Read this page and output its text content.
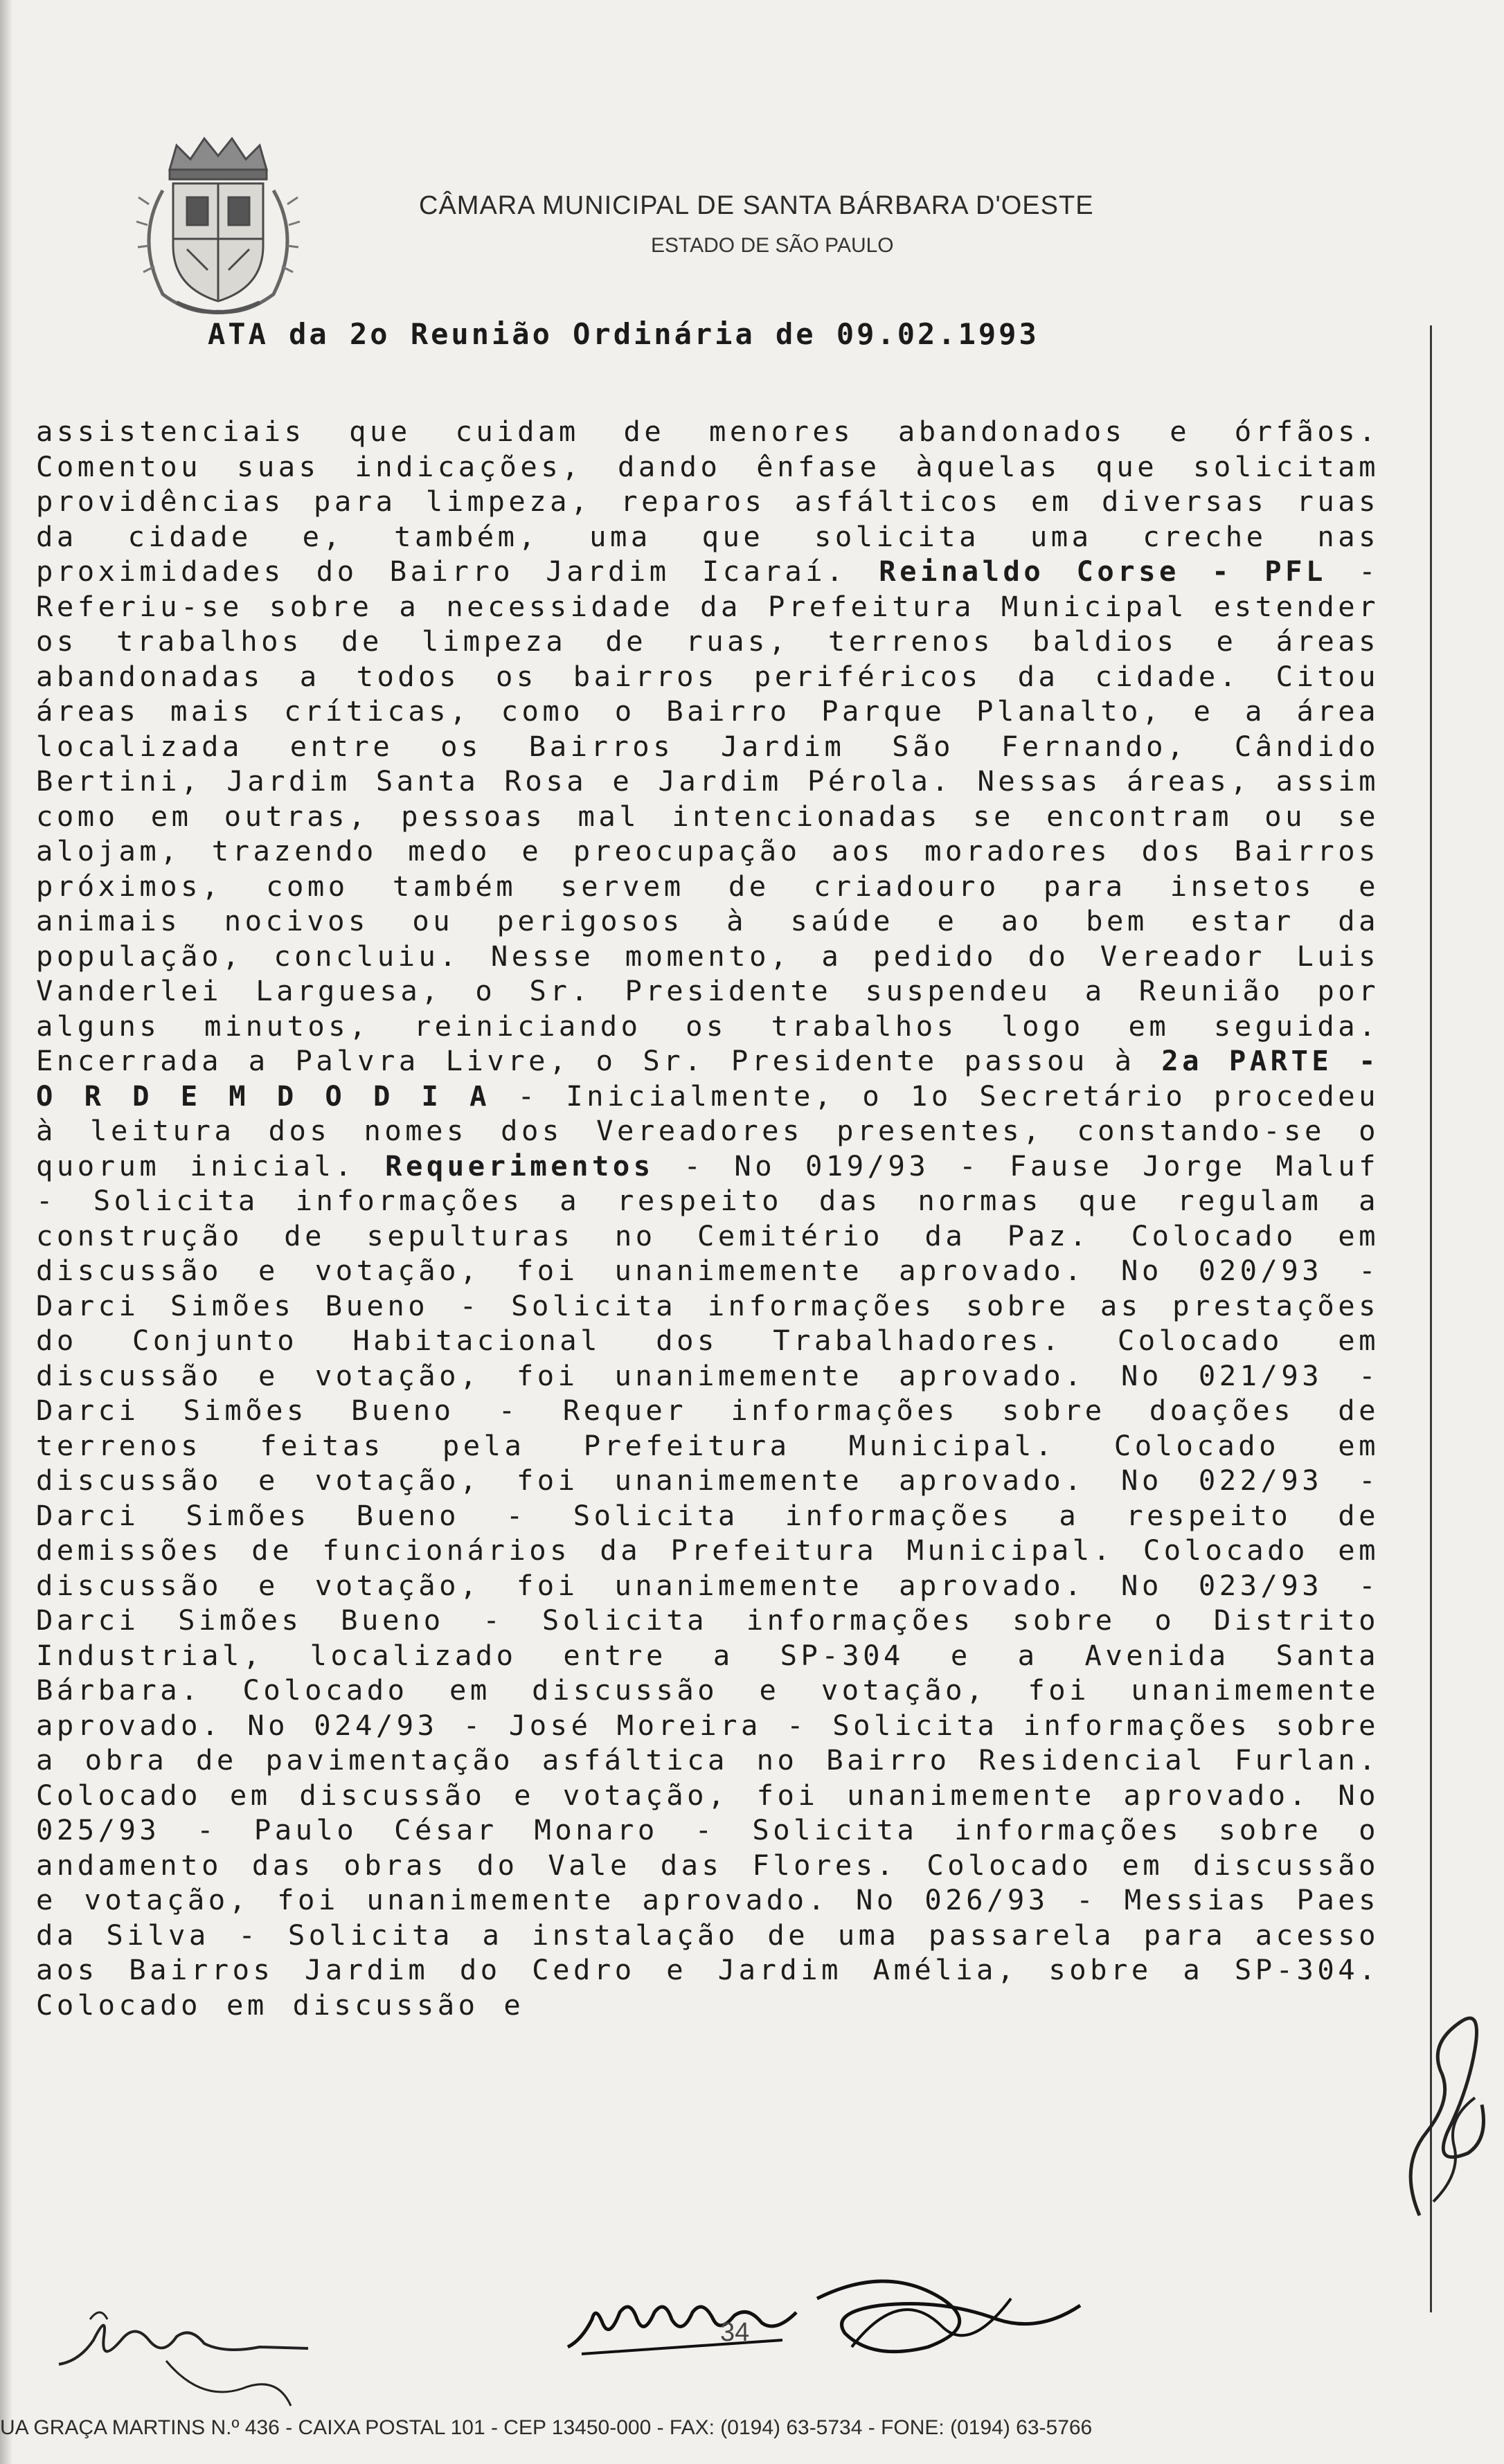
CÂMARA MUNICIPAL DE SANTA BÁRBARA D'OESTE
ESTADO DE SÃO PAULO
ATA da 2o Reunião Ordinária de 09.02.1993
assistenciais que cuidam de menores abandonados e órfãos. Comentou suas indicações, dando ênfase àquelas que solicitam providências para limpeza, reparos asfálticos em diversas ruas da cidade e, também, uma que solicita uma creche nas proximidades do Bairro Jardim Icaraí. Reinaldo Corse - PFL - Referiu-se sobre a necessidade da Prefeitura Municipal estender os trabalhos de limpeza de ruas, terrenos baldios e áreas abandonadas a todos os bairros periféricos da cidade. Citou áreas mais críticas, como o Bairro Parque Planalto, e a área localizada entre os Bairros Jardim São Fernando, Cândido Bertini, Jardim Santa Rosa e Jardim Pérola. Nessas áreas, assim como em outras, pessoas mal intencionadas se encontram ou se alojam, trazendo medo e preocupação aos moradores dos Bairros próximos, como também servem de criadouro para insetos e animais nocivos ou perigosos à saúde e ao bem estar da população, concluiu. Nesse momento, a pedido do Vereador Luis Vanderlei Larguesa, o Sr. Presidente suspendeu a Reunião por alguns minutos, reiniciando os trabalhos logo em seguida. Encerrada a Palvra Livre, o Sr. Presidente passou à 2a PARTE - O R D E M D O D I A - Inicialmente, o 1o Secretário procedeu à leitura dos nomes dos Vereadores presentes, constando-se o quorum inicial. Requerimentos - No 019/93 - Fause Jorge Maluf - Solicita informações a respeito das normas que regulam a construção de sepulturas no Cemitério da Paz. Colocado em discussão e votação, foi unanimemente aprovado. No 020/93 - Darci Simões Bueno - Solicita informações sobre as prestações do Conjunto Habitacional dos Trabalhadores. Colocado em discussão e votação, foi unanimemente aprovado. No 021/93 - Darci Simões Bueno - Requer informações sobre doações de terrenos feitas pela Prefeitura Municipal. Colocado em discussão e votação, foi unanimemente aprovado. No 022/93 - Darci Simões Bueno - Solicita informações a respeito de demissões de funcionários da Prefeitura Municipal. Colocado em discussão e votação, foi unanimemente aprovado. No 023/93 - Darci Simões Bueno - Solicita informações sobre o Distrito Industrial, localizado entre a SP-304 e a Avenida Santa Bárbara. Colocado em discussão e votação, foi unanimemente aprovado. No 024/93 - José Moreira - Solicita informações sobre a obra de pavimentação asfáltica no Bairro Residencial Furlan. Colocado em discussão e votação, foi unanimemente aprovado. No 025/93 - Paulo César Monaro - Solicita informações sobre o andamento das obras do Vale das Flores. Colocado em discussão e votação, foi unanimemente aprovado. No 026/93 - Messias Paes da Silva - Solicita a instalação de uma passarela para acesso aos Bairros Jardim do Cedro e Jardim Amélia, sobre a SP-304. Colocado em discussão e
34
UA GRAÇA MARTINS N.º 436 - CAIXA POSTAL 101 - CEP 13450-000 - FAX: (0194) 63-5734 - FONE: (0194) 63-5766
